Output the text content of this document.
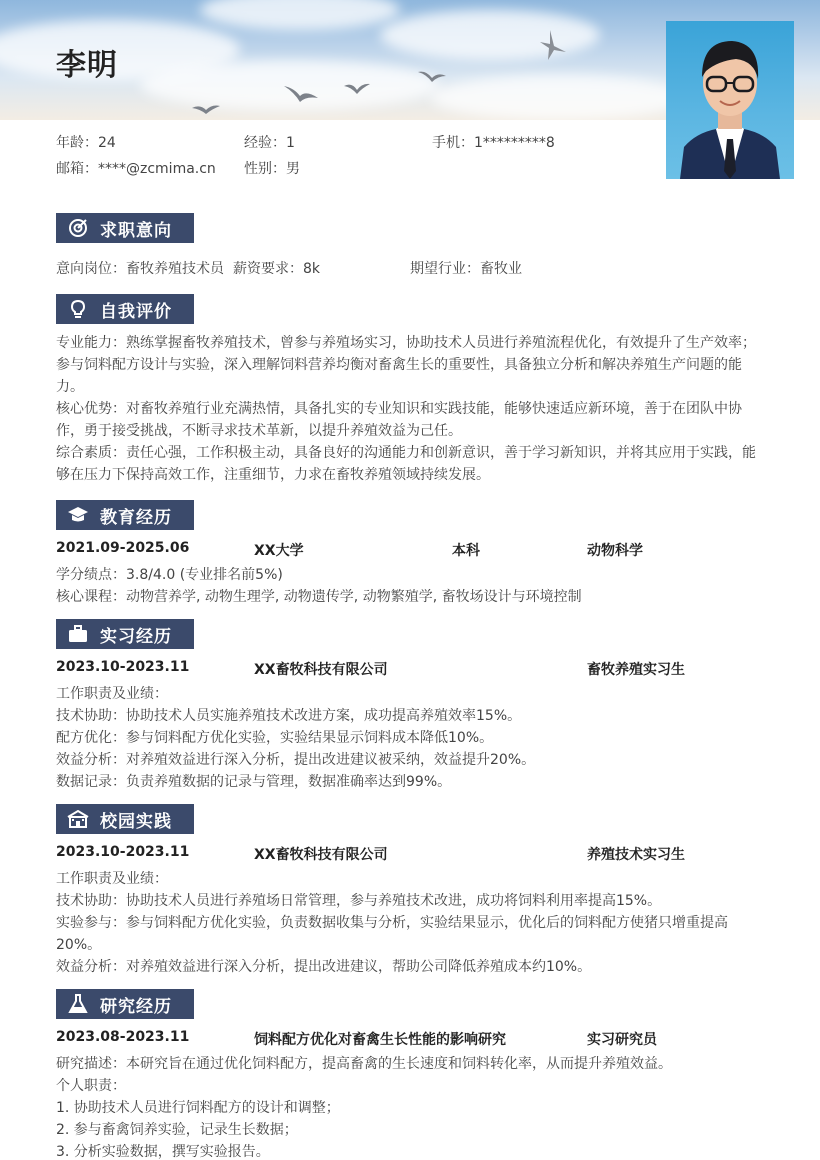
李明
年龄：24	经验：1	手机：1*********8
邮箱：****@zcmima.cn 性别：男
求职意向
意向岗位：畜牧养殖技术员 薪资要求：8k	期望行业：畜牧业
自我评价
专业能力：熟练掌握畜牧养殖技术，曾参与养殖场实习，协助技术人员进行养殖流程优化，有效提升了生产效率；参与饲料配方设计与实验，深入理解饲料营养均衡对畜禽生长的重要性，具备独立分析和解决养殖生产问题的能力。
核心优势：对畜牧养殖行业充满热情，具备扎实的专业知识和实践技能，能够快速适应新环境，善于在团队中协作，勇于接受挑战，不断寻求技术革新，以提升养殖效益为己任。
综合素质：责任心强，工作积极主动，具备良好的沟通能力和创新意识，善于学习新知识，并将其应用于实践，能够在压力下保持高效工作，注重细节，力求在畜牧养殖领域持续发展。
教育经历
2021.09-2025.06	XX大学	本科	动物科学
学分绩点：3.8/4.0 (专业排名前5%)
核心课程：动物营养学, 动物生理学, 动物遗传学, 动物繁殖学, 畜牧场设计与环境控制
实习经历
2023.10-2023.11	XX畜牧科技有限公司	畜牧养殖实习生
工作职责及业绩：
技术协助：协助技术人员实施养殖技术改进方案，成功提高养殖效率15%。
配方优化：参与饲料配方优化实验，实验结果显示饲料成本降低10%。
效益分析：对养殖效益进行深入分析，提出改进建议被采纳，效益提升20%。
数据记录：负责养殖数据的记录与管理，数据准确率达到99%。
校园实践
2023.10-2023.11	XX畜牧科技有限公司	养殖技术实习生
工作职责及业绩：
技术协助：协助技术人员进行养殖场日常管理，参与养殖技术改进，成功将饲料利用率提高15%。
实验参与：参与饲料配方优化实验，负责数据收集与分析，实验结果显示，优化后的饲料配方使猪只增重提高20%。
效益分析：对养殖效益进行深入分析，提出改进建议，帮助公司降低养殖成本约10%。
研究经历
2023.08-2023.11	饲料配方优化对畜禽生长性能的影响研究	实习研究员
研究描述：本研究旨在通过优化饲料配方，提高畜禽的生长速度和饲料转化率，从而提升养殖效益。
个人职责：
1. 协助技术人员进行饲料配方的设计和调整；
2. 参与畜禽饲养实验，记录生长数据；
3. 分析实验数据，撰写实验报告。
